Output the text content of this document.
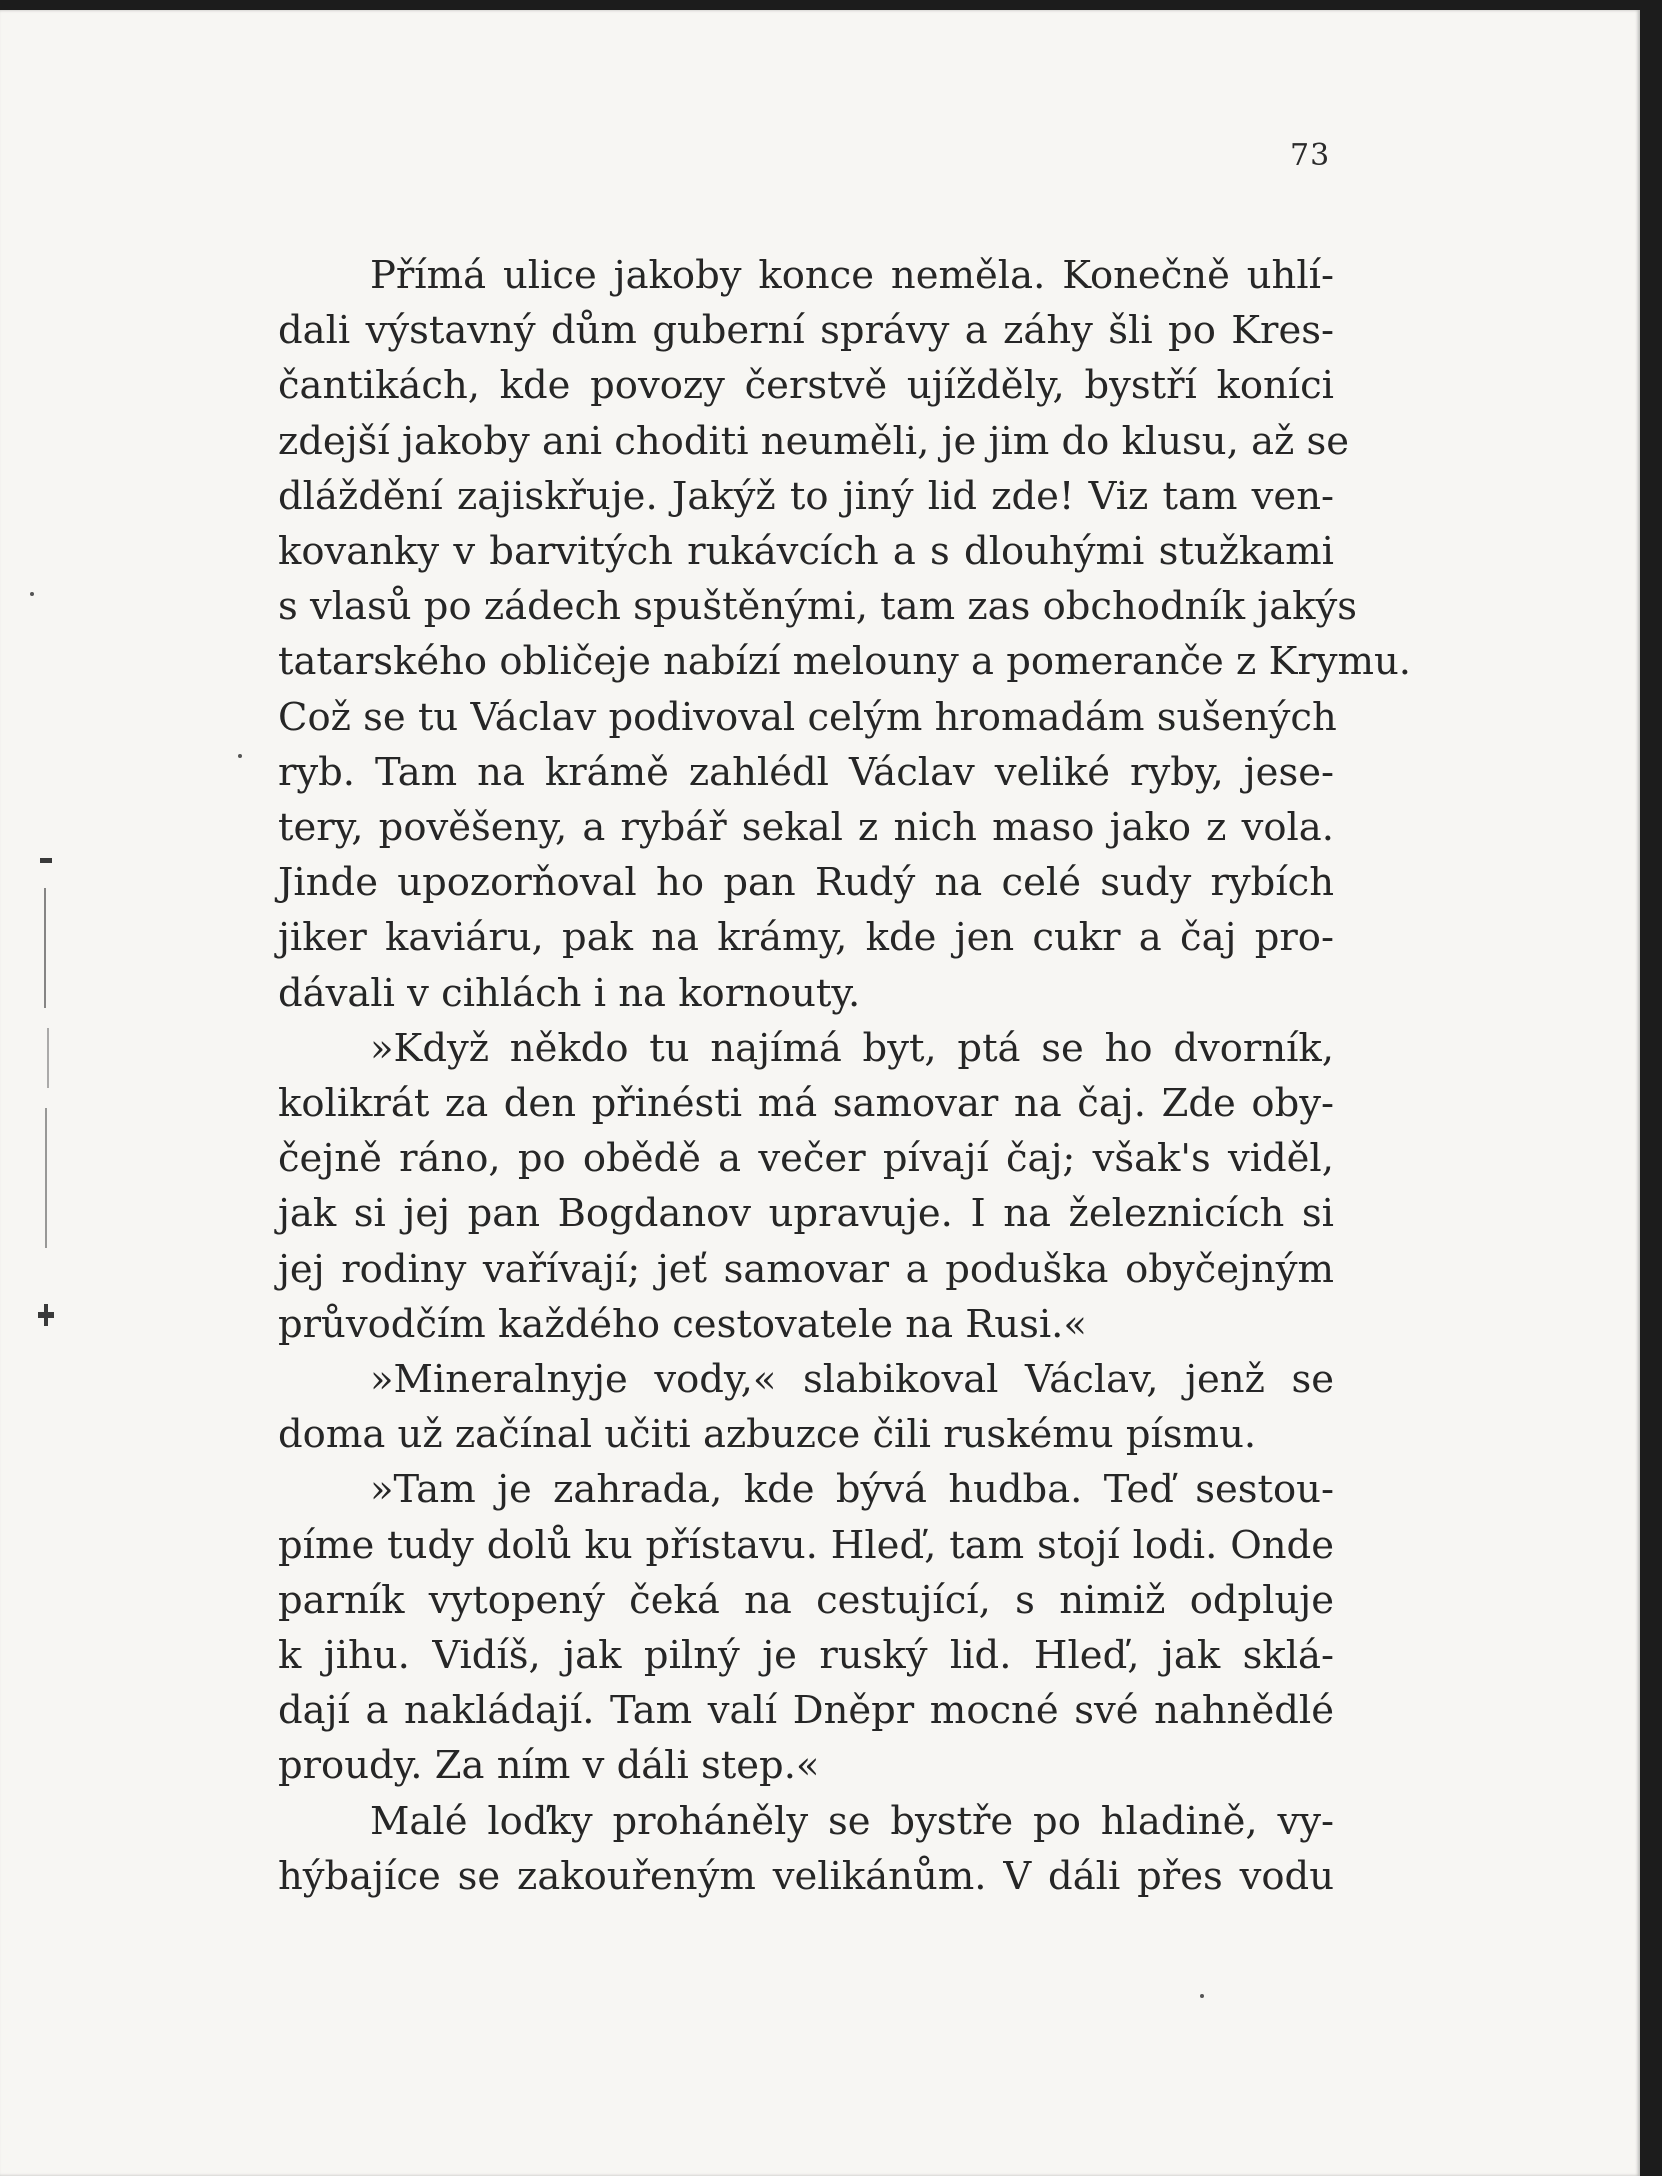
73
Přímá ulice jakoby konce neměla. Konečně uhlí-
dali výstavný dům guberní správy a záhy šli po Kres-
čantikách, kde povozy čerstvě ujížděly, bystří koníci
zdejší jakoby ani choditi neuměli, je jim do klusu, až se
dláždění zajiskřuje. Jakýž to jiný lid zde! Viz tam ven-
kovanky v barvitých rukávcích a s dlouhými stužkami
s vlasů po zádech spuštěnými, tam zas obchodník jakýs
tatarského obličeje nabízí melouny a pomeranče z Krymu.
Což se tu Václav podivoval celým hromadám sušených
ryb. Tam na krámě zahlédl Václav veliké ryby, jese-
tery, pověšeny, a rybář sekal z nich maso jako z vola.
Jinde upozorňoval ho pan Rudý na celé sudy rybích
jiker kaviáru, pak na krámy, kde jen cukr a čaj pro-
dávali v cihlách i na kornouty.
»Když někdo tu najímá byt, ptá se ho dvorník,
kolikrát za den přinésti má samovar na čaj. Zde oby-
čejně ráno, po obědě a večer pívají čaj; však's viděl,
jak si jej pan Bogdanov upravuje. I na železnicích si
jej rodiny vařívají; jeť samovar a poduška obyčejným
průvodčím každého cestovatele na Rusi.«
»Mineralnyje vody,« slabikoval Václav, jenž se
doma už začínal učiti azbuzce čili ruskému písmu.
»Tam je zahrada, kde bývá hudba. Teď sestou-
píme tudy dolů ku přístavu. Hleď, tam stojí lodi. Onde
parník vytopený čeká na cestující, s nimiž odpluje
k jihu. Vidíš, jak pilný je ruský lid. Hleď, jak sklá-
dají a nakládají. Tam valí Dněpr mocné své nahnědlé
proudy. Za ním v dáli step.«
Malé loďky proháněly se bystře po hladině, vy-
hýbajíce se zakouřeným velikánům. V dáli přes vodu
